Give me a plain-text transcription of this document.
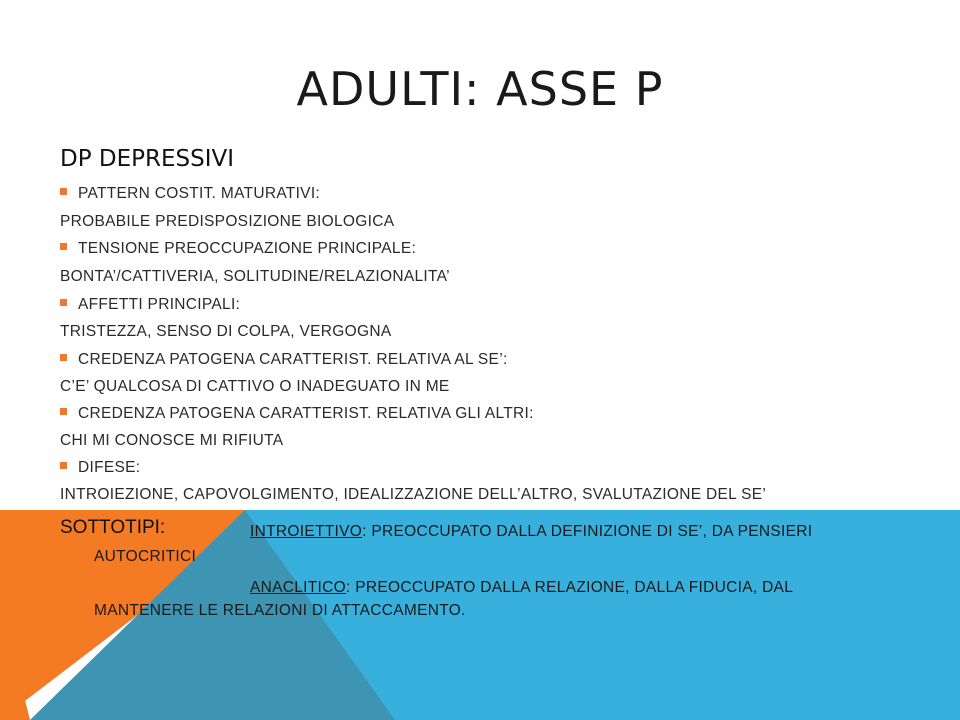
ADULTI: ASSE P
DP DEPRESSIVI
PATTERN COSTIT. MATURATIVI:
PROBABILE PREDISPOSIZIONE BIOLOGICA
TENSIONE PREOCCUPAZIONE PRINCIPALE:
BONTA’/CATTIVERIA, SOLITUDINE/RELAZIONALITA’
AFFETTI PRINCIPALI:
TRISTEZZA, SENSO DI COLPA, VERGOGNA
CREDENZA PATOGENA CARATTERIST. RELATIVA AL SE’:
C’E’ QUALCOSA DI CATTIVO O INADEGUATO IN ME
CREDENZA PATOGENA CARATTERIST. RELATIVA GLI ALTRI:
CHI MI CONOSCE MI RIFIUTA
DIFESE:
INTROIEZIONE, CAPOVOLGIMENTO, IDEALIZZAZIONE DELL’ALTRO, SVALUTAZIONE DEL SE’
SOTTOTIPI:	INTROIETTIVO: PREOCCUPATO DALLA DEFINIZIONE DI SE’, DA PENSIERI
AUTOCRITICI
ANACLITICO: PREOCCUPATO DALLA RELAZIONE, DALLA FIDUCIA, DAL
MANTENERE LE RELAZIONI DI ATTACCAMENTO.
